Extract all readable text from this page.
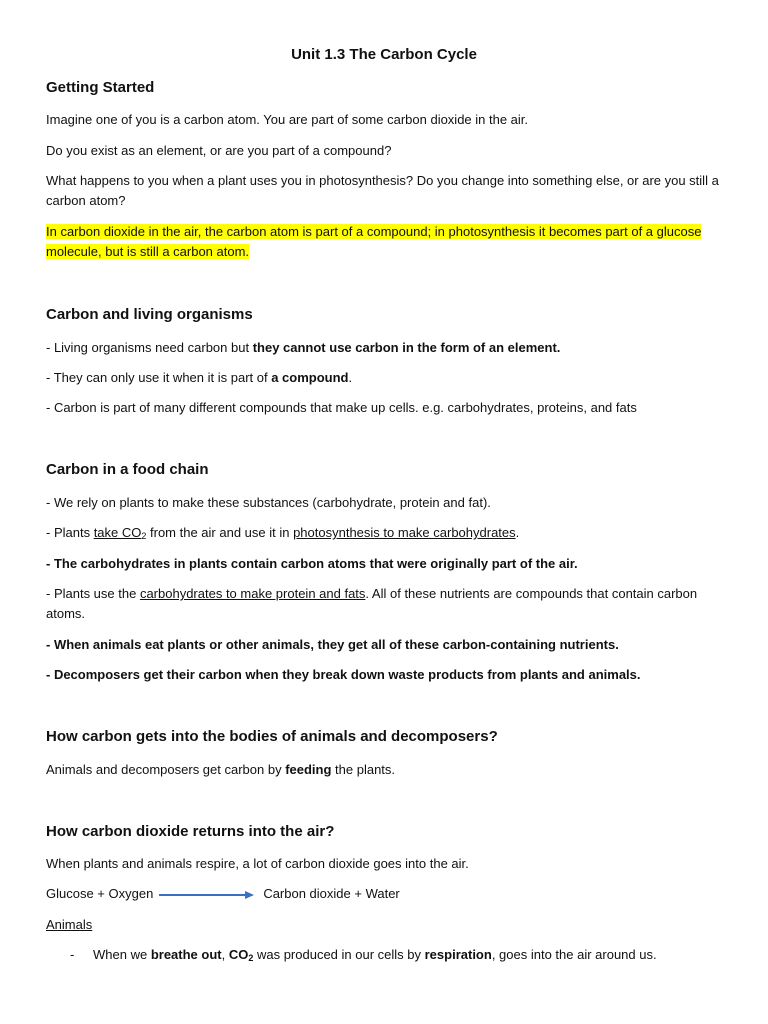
Unit 1.3 The Carbon Cycle
Getting Started

Imagine one of you is a carbon atom. You are part of some carbon dioxide in the air.

Do you exist as an element, or are you part of a compound?

What happens to you when a plant uses you in photosynthesis? Do you change into something else, or are you still a carbon atom?

In carbon dioxide in the air, the carbon atom is part of a compound; in photosynthesis it becomes part of a glucose molecule, but is still a carbon atom.

Carbon and living organisms

- Living organisms need carbon but they cannot use carbon in the form of an element.

- They can only use it when it is part of a compound.

- Carbon is part of many different compounds that make up cells. e.g. carbohydrates, proteins, and fats

Carbon in a food chain

- We rely on plants to make these substances (carbohydrate, protein and fat).

- Plants take $CO_2$ from the air and use it in photosynthesis to make carbohydrates.

- The carbohydrates in plants contain carbon atoms that were originally part of the air.

- Plants use the carbohydrates to make protein and fats. All of these nutrients are compounds that contain carbon atoms.

- When animals eat plants or other animals, they get all of these carbon-containing nutrients.

- Decomposers get their carbon when they break down waste products from plants and animals.

How carbon gets into the bodies of animals and decomposers?

Animals and decomposers get carbon by feeding the plants.

How carbon dioxide returns into the air?

When plants and animals respire, a lot of carbon dioxide goes into the air.

Glucose + Oxygen	Carbon dioxide + Water

Animals

- When we breathe out, $CO_2$ was produced in our cells by respiration, goes into the air around us.
